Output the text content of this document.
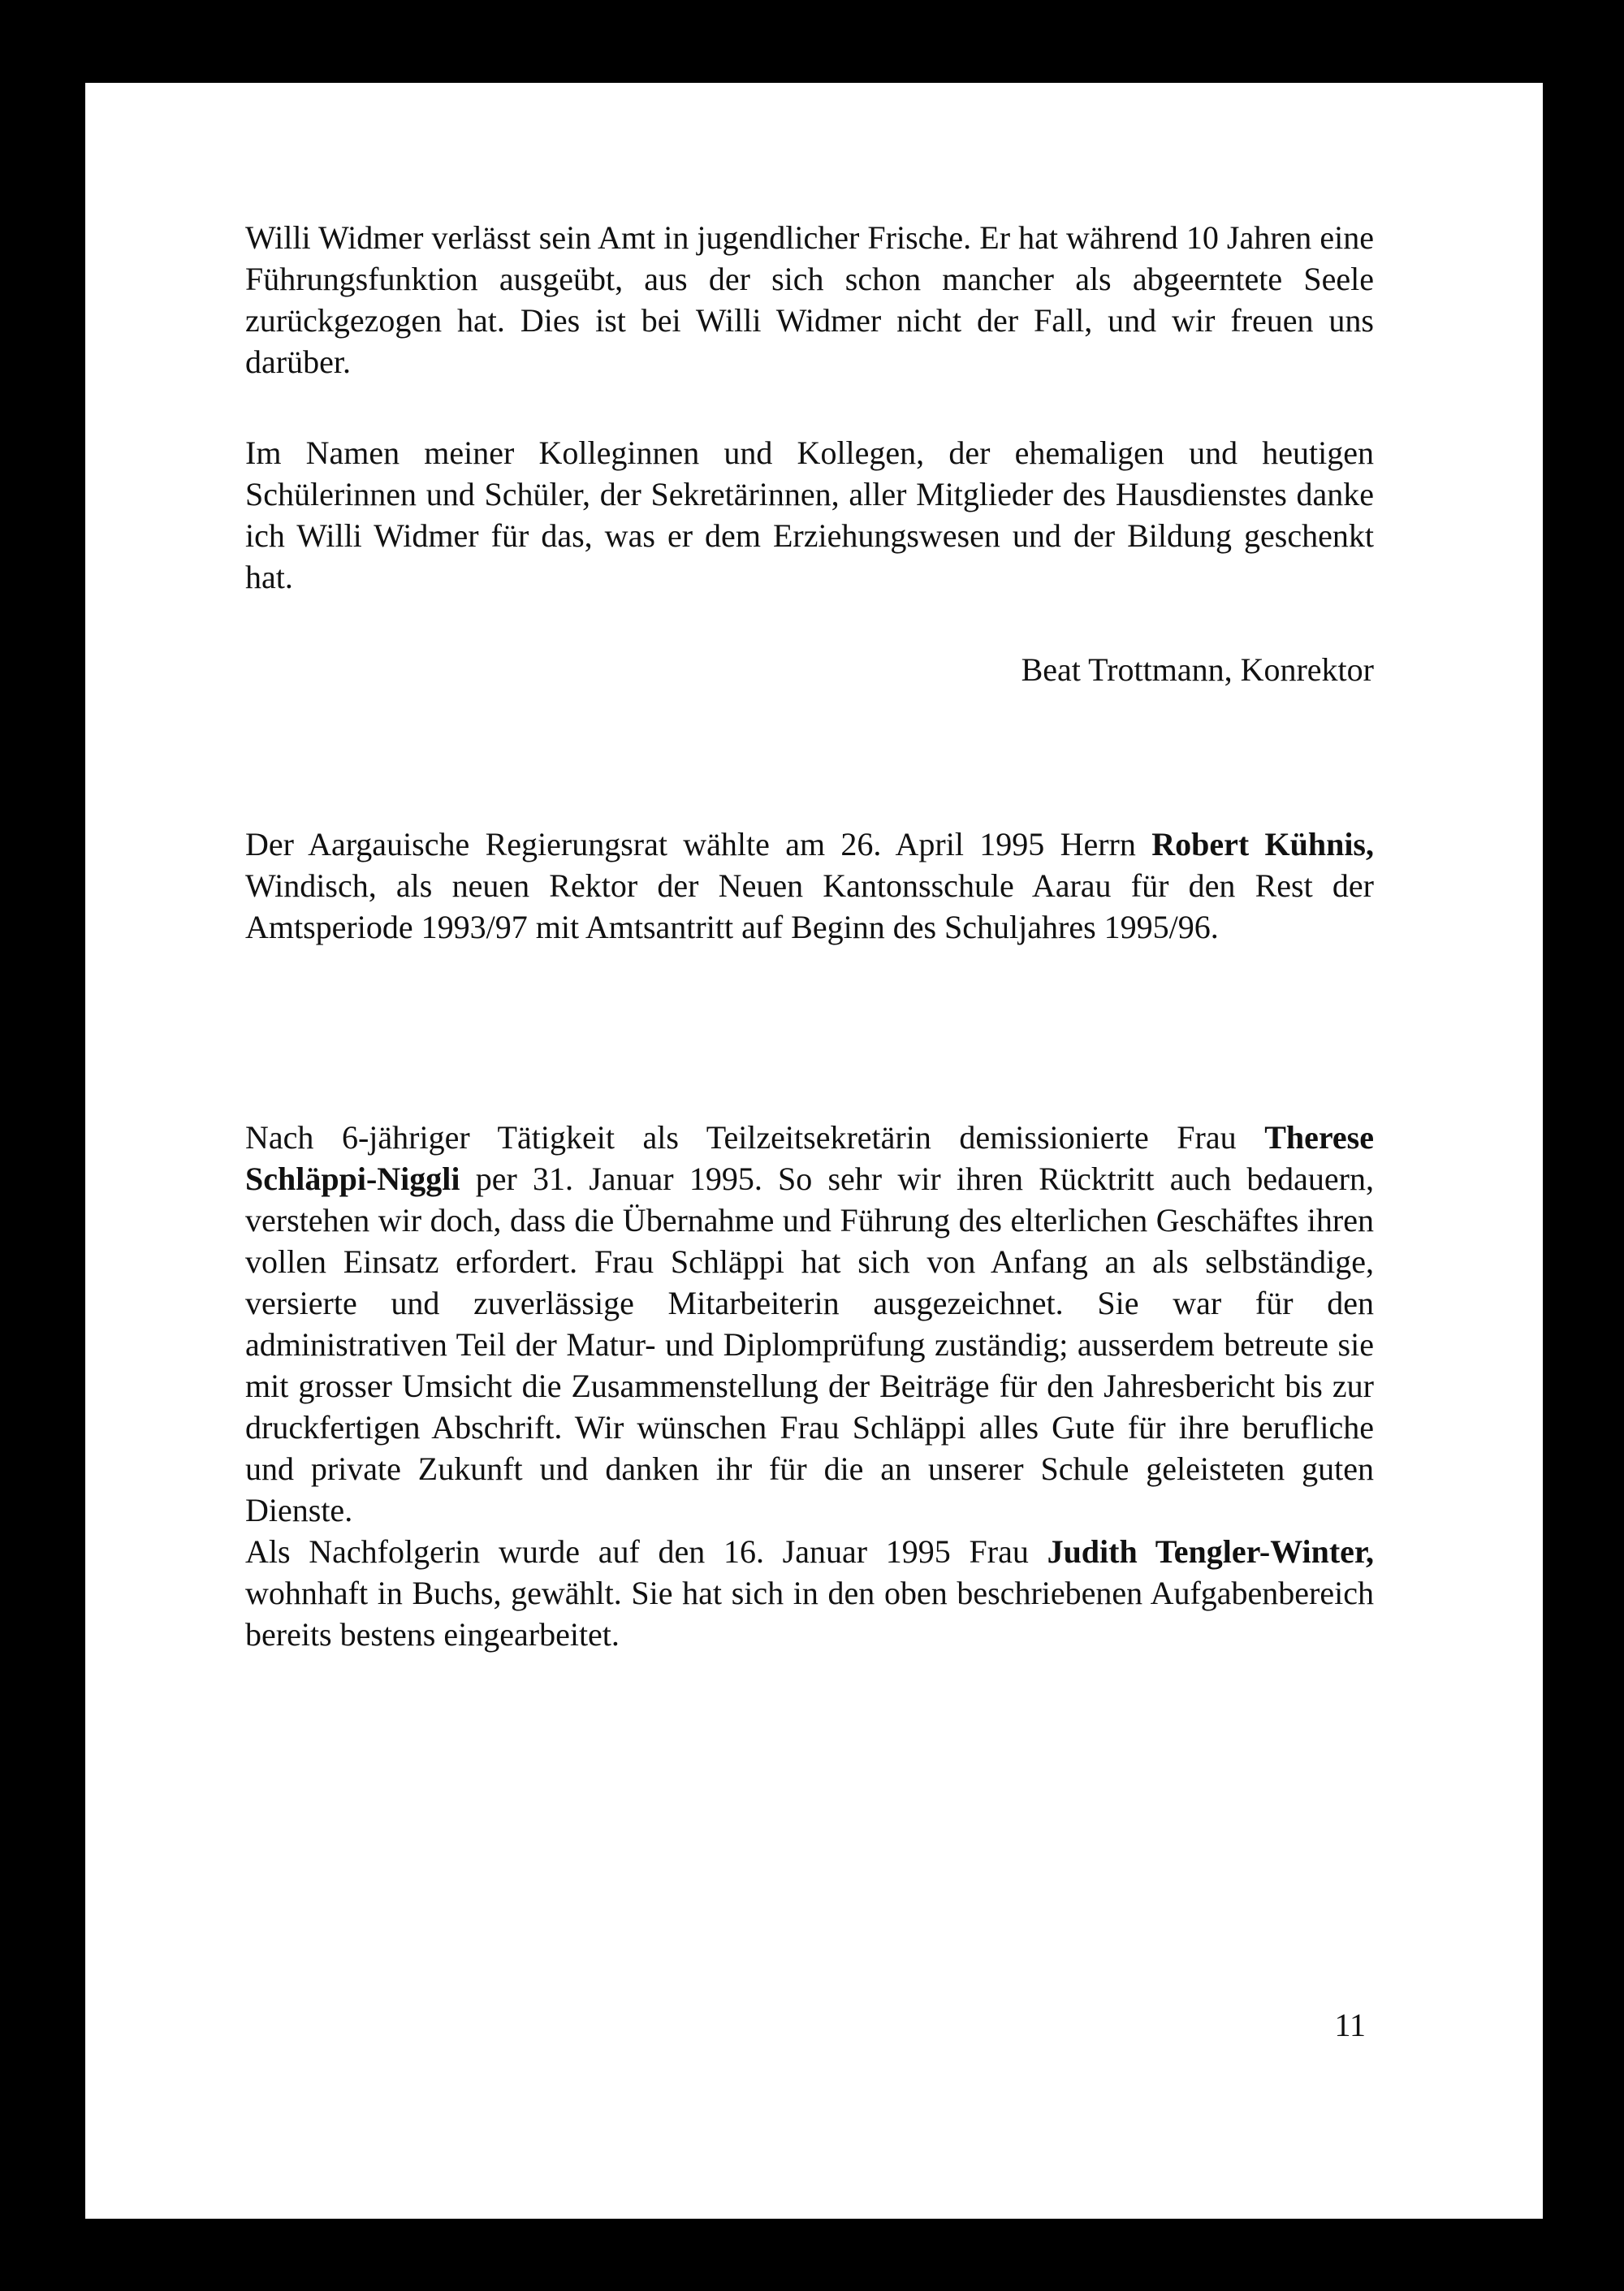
Willi Widmer verlässt sein Amt in jugendlicher Frische. Er hat während 10 Jahren eine Führungsfunktion ausgeübt, aus der sich schon mancher als abgeerntete Seele zurückgezogen hat. Dies ist bei Willi Widmer nicht der Fall, und wir freuen uns darüber.

Im Namen meiner Kolleginnen und Kollegen, der ehemaligen und heutigen Schülerinnen und Schüler, der Sekretärinnen, aller Mitglieder des Hausdienstes danke ich Willi Widmer für das, was er dem Erziehungswesen und der Bildung geschenkt hat.

Beat Trottmann, Konrektor

Der Aargauische Regierungsrat wählte am 26. April 1995 Herrn Robert Kühnis, Windisch, als neuen Rektor der Neuen Kantonsschule Aarau für den Rest der Amtsperiode 1993/97 mit Amtsantritt auf Beginn des Schuljahres 1995/96.

Nach 6-jähriger Tätigkeit als Teilzeitsekretärin demissionierte Frau Therese Schläppi-Niggli per 31. Januar 1995. So sehr wir ihren Rücktritt auch bedauern, verstehen wir doch, dass die Übernahme und Führung des elterlichen Geschäftes ihren vollen Einsatz erfordert. Frau Schläppi hat sich von Anfang an als selbständige, versierte und zuverlässige Mitarbeiterin ausgezeichnet. Sie war für den administrativen Teil der Matur- und Diplomprüfung zuständig; ausserdem betreute sie mit grosser Umsicht die Zusammenstellung der Beiträge für den Jahresbericht bis zur druckfertigen Abschrift. Wir wünschen Frau Schläppi alles Gute für ihre berufliche und private Zukunft und danken ihr für die an unserer Schule geleisteten guten Dienste.

Als Nachfolgerin wurde auf den 16. Januar 1995 Frau Judith Tengler-Winter, wohnhaft in Buchs, gewählt. Sie hat sich in den oben beschriebenen Aufgabenbereich bereits bestens eingearbeitet.

11
